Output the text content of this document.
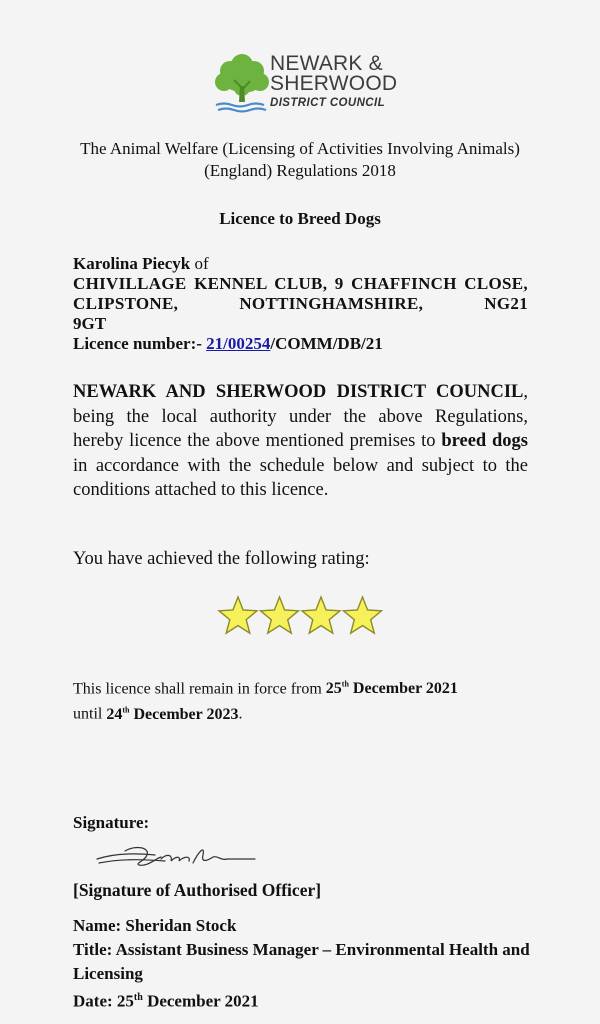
NEWARK &
SHERWOOD
DISTRICT COUNCIL
The Animal Welfare (Licensing of Activities Involving Animals) (England) Regulations 2018
Licence to Breed Dogs
Karolina Piecyk of
CHIVILLAGE KENNEL CLUB, 9 CHAFFINCH CLOSE, CLIPSTONE, NOTTINGHAMSHIRE, NG21
9GT
Licence number:- 21/00254/COMM/DB/21
NEWARK AND SHERWOOD DISTRICT COUNCIL, being the local authority under the above Regulations, hereby licence the above mentioned premises to breed dogs in accordance with the schedule below and subject to the conditions attached to this licence.
You have achieved the following rating:
This licence shall remain in force from 25th December 2021
until 24th December 2023.
Signature:
[Signature of Authorised Officer]
Name: Sheridan Stock
Title: Assistant Business Manager – Environmental Health and Licensing
Date: 25th December 2021
